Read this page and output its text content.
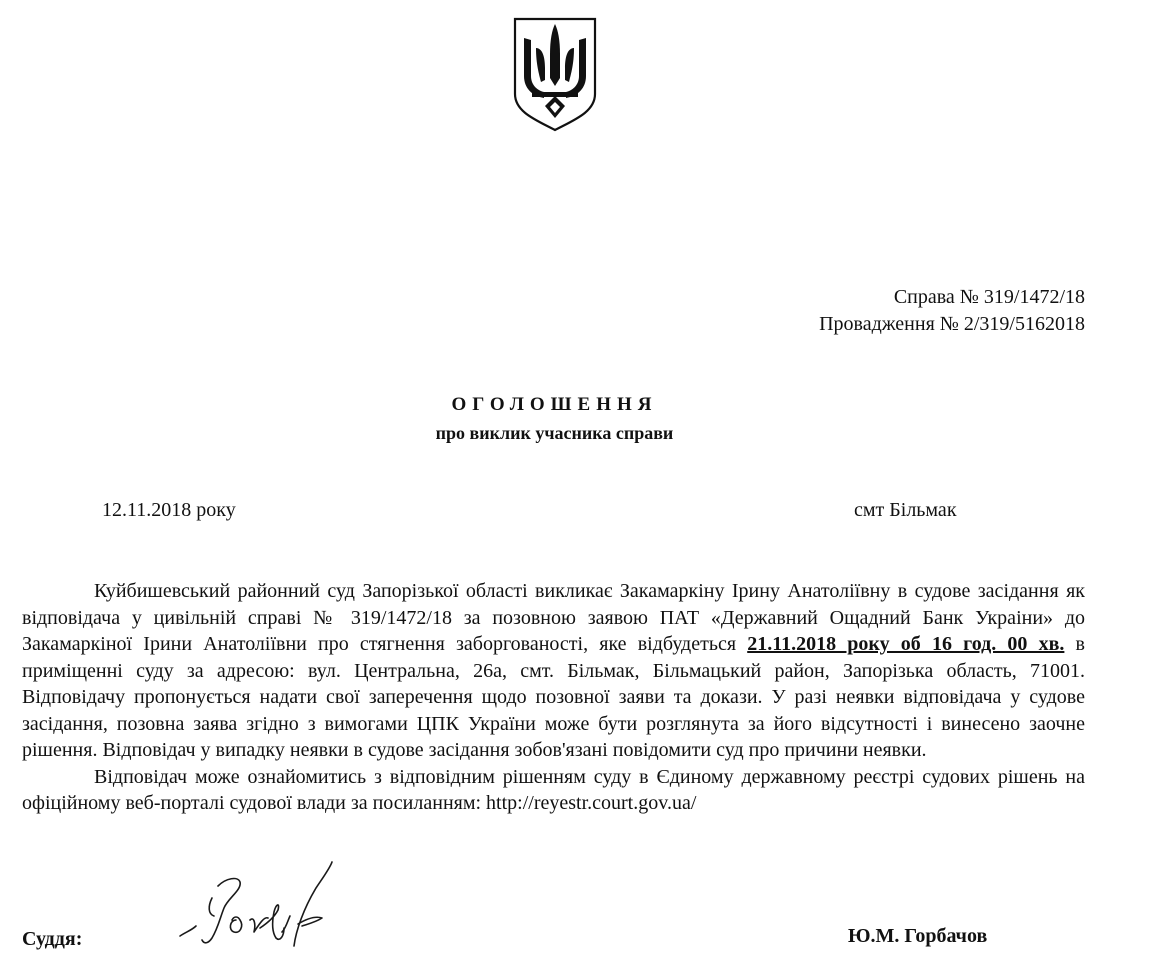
Справа № 319/1472/18
Провадження № 2/319/5162018
ОГОЛОШЕННЯ
про виклик учасника справи
12.11.2018 року	смт Більмак

Куйбишевський районний суд Запорізької області викликає Закамаркіну Ірину Анатоліївну в судове засідання як відповідача у цивільній справі № 319/1472/18 за позовною заявою ПАТ «Державний Ощадний Банк Украіни» до Закамаркіної Ірини Анатоліївни про стягнення заборгованості, яке відбудеться 21.11.2018 року об 16 год. 00 хв. в приміщенні суду за адресою: вул. Центральна, 26а, смт. Більмак, Більмацький район, Запорізька область, 71001. Відповідачу пропонується надати свої заперечення щодо позовної заяви та докази. У разі неявки відповідача у судове засідання, позовна заява згідно з вимогами ЦПК України може бути розглянута за його відсутності і винесено заочне рішення. Відповідач у випадку неявки в судове засідання зобов'язані повідомити суд про причини неявки.

Відповідач може ознайомитись з відповідним рішенням суду в Єдиному державному реєстрі судових рішень на офіційному веб-порталі судової влади за посиланням: http://reyestr.court.gov.ua/

Суддя:	Ю.М. Горбачов
